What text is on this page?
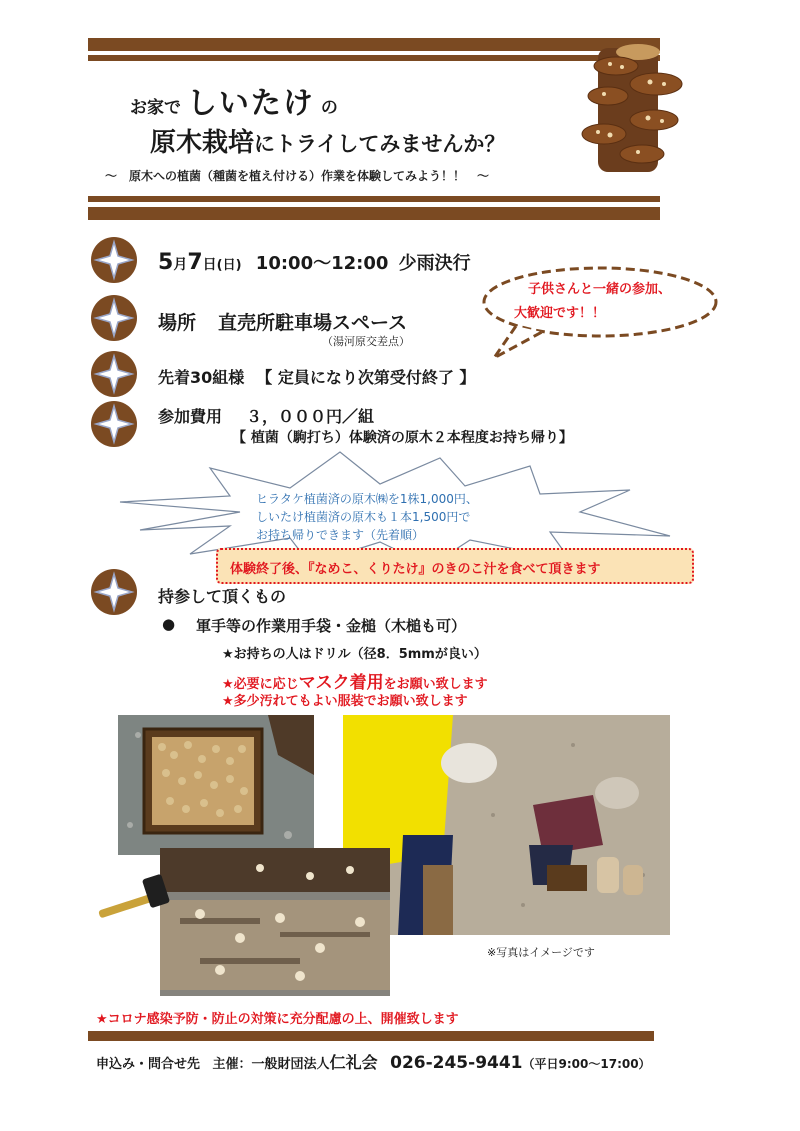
お家で しいたけ の
原木栽培にトライしてみませんか？
～　原木への植菌（種菌を植え付ける）作業を体験してみよう！！　～
5月7日(日) 10:00～12:00 少雨決行
子供さんと一緒の参加、
大歓迎です！！
場所 直売所駐車場スペース
（湯河原交差点）
先着30組様 【 定員になり次第受付終了 】
参加費用 ３，０００円／組
【 植菌（駒打ち）体験済の原木２本程度お持ち帰り】
ヒラタケ植菌済の原木㈱を1株1,000円、
しいたけ植菌済の原木も１本1,500円で
お持ち帰りできます（先着順）
体験終了後、『なめこ、くりたけ』のきのこ汁を食べて頂きます
持参して頂くもの
● 軍手等の作業用手袋・金槌（木槌も可）
★お持ちの人はドリル（径8．5mmが良い）
★必要に応じマスク着用をお願い致します
★多少汚れてもよい服装でお願い致します
※写真はイメージです
★コロナ感染予防・防止の対策に充分配慮の上、開催致します
申込み・問合せ先 主催：一般財団法人仁礼会 026-245-9441（平日9:00～17:00）
